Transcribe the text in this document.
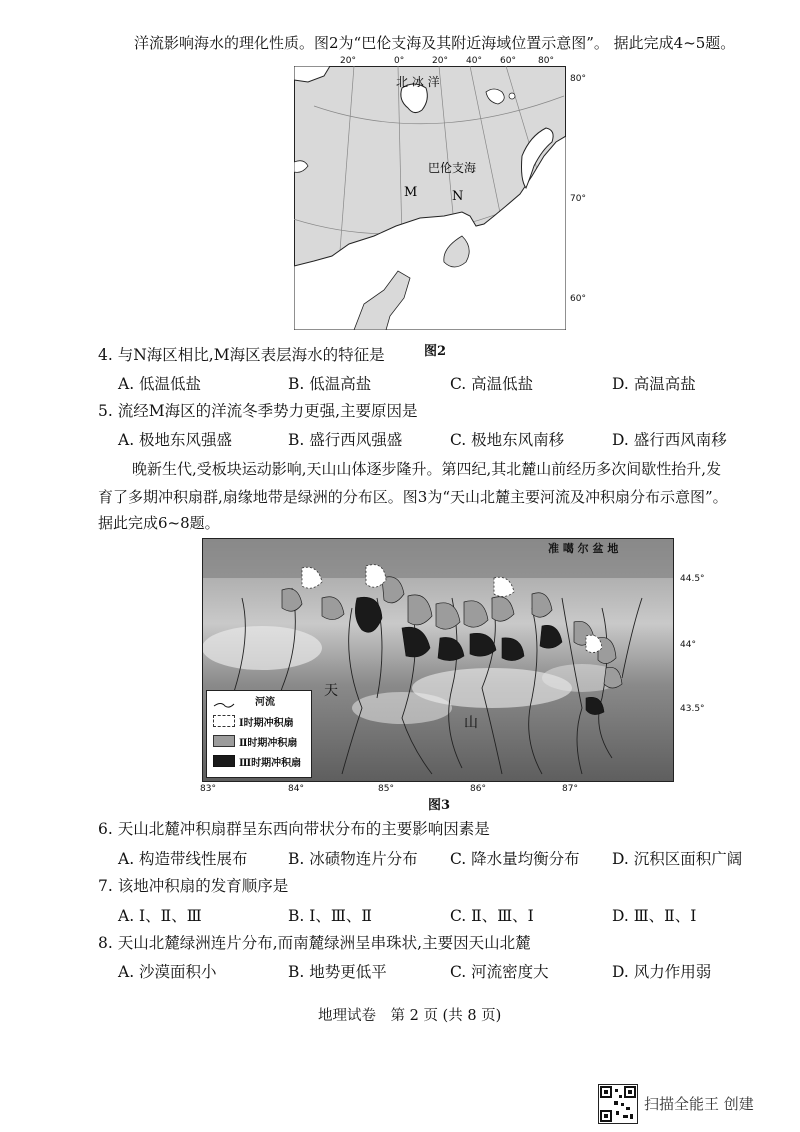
洋流影响海水的理化性质。图2为“巴伦支海及其附近海域位置示意图”。 据此完成4~5题。
北 冰 洋
巴伦支海
M	N
80°
70°
60°
20°	0°	20° 40° 60° 80°
图2
4. 与N海区相比,M海区表层海水的特征是
A. 低温低盐	B. 低温高盐	C. 高温低盐	D. 高温高盐
5. 流经M海区的洋流冬季势力更强,主要原因是
A. 极地东风强盛	B. 盛行西风强盛	C. 极地东风南移	D. 盛行西风南移
晚新生代,受板块运动影响,天山山体逐步隆升。第四纪,其北麓山前经历多次间歇性抬升,发
育了多期冲积扇群,扇缘地带是绿洲的分布区。图3为“天山北麓主要河流及冲积扇分布示意图”。
据此完成6~8题。
准 噶 尔 盆 地
天
山
河流
Ⅰ时期冲积扇
Ⅱ时期冲积扇
Ⅲ时期冲积扇
44.5°
44°
43.5°
83°	84°	85°	86°	87°
图3
6. 天山北麓冲积扇群呈东西向带状分布的主要影响因素是
A. 构造带线性展布	B. 冰碛物连片分布 C. 降水量均衡分布 D. 沉积区面积广阔
7. 该地冲积扇的发育顺序是
A. Ⅰ、Ⅱ、Ⅲ	B. Ⅰ、Ⅲ、Ⅱ	C. Ⅱ、Ⅲ、Ⅰ	D. Ⅲ、Ⅱ、Ⅰ
8. 天山北麓绿洲连片分布,而南麓绿洲呈串珠状,主要因天山北麓
A. 沙漠面积小	B. 地势更低平	C. 河流密度大	D. 风力作用弱
地理试卷　第 2 页 (共 8 页)
扫描全能王 创建
